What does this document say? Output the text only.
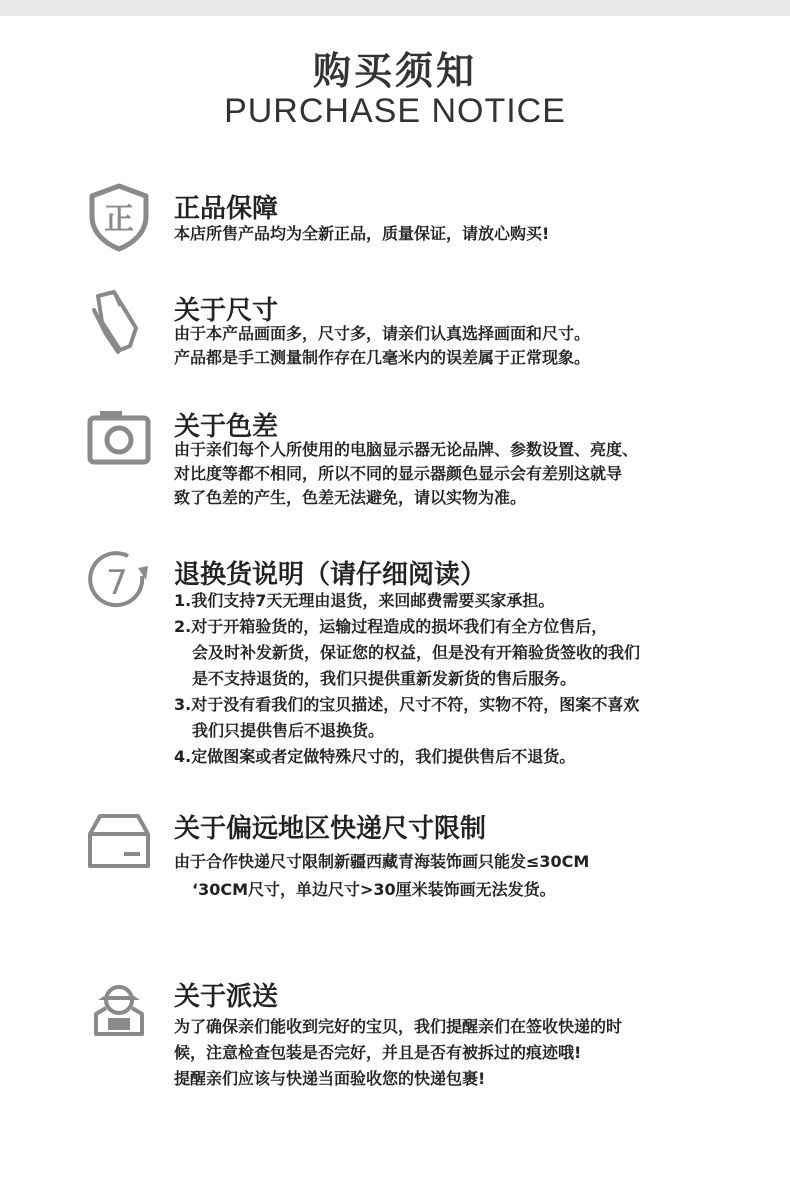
购买须知
PURCHASE NOTICE
正 正品保障
本店所售产品均为全新正品，质量保证，请放心购买!
关于尺寸
由于本产品画面多，尺寸多，请亲们认真选择画面和尺寸。
产品都是手工测量制作存在几毫米内的误差属于正常现象。
关于色差
由于亲们每个人所使用的电脑显示器无论品牌、参数设置、亮度、
对比度等都不相同，所以不同的显示器颜色显示会有差别这就导
致了色差的产生，色差无法避免，请以实物为准。
7 退换货说明（请仔细阅读）
1.我们支持7天无理由退货，来回邮费需要买家承担。
2.对于开箱验货的，运输过程造成的损坏我们有全方位售后，
会及时补发新货，保证您的权益，但是没有开箱验货签收的我们
是不支持退货的，我们只提供重新发新货的售后服务。
3.对于没有看我们的宝贝描述，尺寸不符，实物不符，图案不喜欢
我们只提供售后不退换货。
4.定做图案或者定做特殊尺寸的，我们提供售后不退货。
关于偏远地区快递尺寸限制
由于合作快递尺寸限制新疆西藏青海装饰画只能发≤30CM
‘30CM尺寸，单边尺寸>30厘米装饰画无法发货。
关于派送
为了确保亲们能收到完好的宝贝，我们提醒亲们在签收快递的时
候，注意检查包装是否完好，并且是否有被拆过的痕迹哦!
提醒亲们应该与快递当面验收您的快递包裹!
